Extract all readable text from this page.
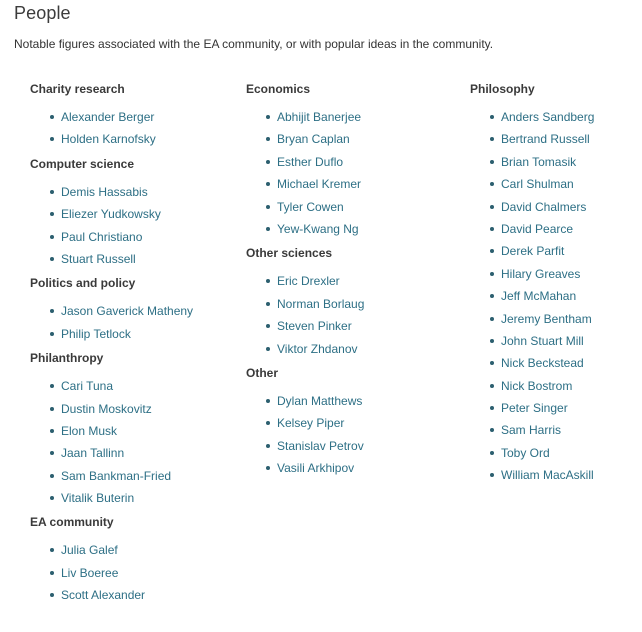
People

Notable figures associated with the EA community, or with popular ideas in the community.

Charity research
Alexander Berger
Holden Karnofsky
Computer science
Demis Hassabis
Eliezer Yudkowsky
Paul Christiano
Stuart Russell
Politics and policy
Jason Gaverick Matheny
Philip Tetlock
Philanthropy
Cari Tuna
Dustin Moskovitz
Elon Musk
Jaan Tallinn
Sam Bankman-Fried
Vitalik Buterin
EA community
Julia Galef
Liv Boeree
Scott Alexander
Economics
Abhijit Banerjee
Bryan Caplan
Esther Duflo
Michael Kremer
Tyler Cowen
Yew-Kwang Ng
Other sciences
Eric Drexler
Norman Borlaug
Steven Pinker
Viktor Zhdanov
Other
Dylan Matthews
Kelsey Piper
Stanislav Petrov
Vasili Arkhipov
Philosophy
Anders Sandberg
Bertrand Russell
Brian Tomasik
Carl Shulman
David Chalmers
David Pearce
Derek Parfit
Hilary Greaves
Jeff McMahan
Jeremy Bentham
John Stuart Mill
Nick Beckstead
Nick Bostrom
Peter Singer
Sam Harris
Toby Ord
William MacAskill
